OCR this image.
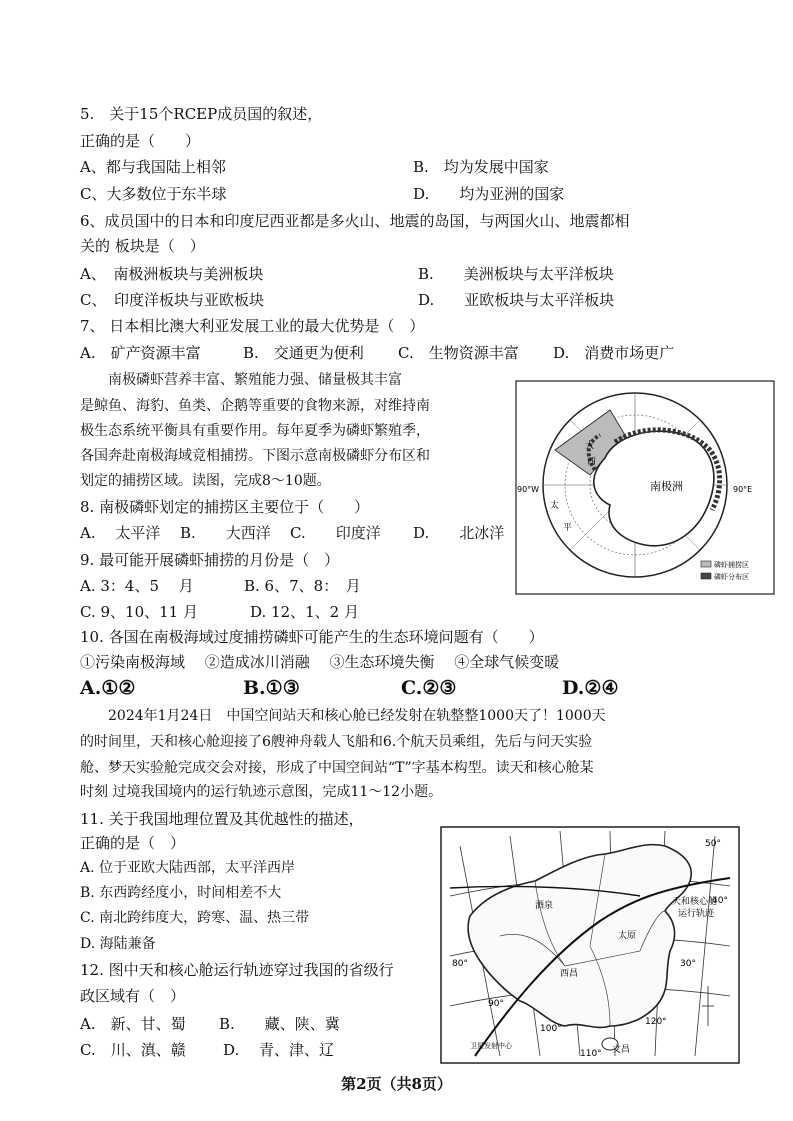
5.　关于15个RCEP成员国的叙述，
正确的是（　　）
A、都与我国陆上相邻	B.　均为发展中国家
C、大多数位于东半球	D.　　均为亚洲的国家
6、成员国中的日本和印度尼西亚都是多火山、地震的岛国，与两国火山、地震都相
关的 板块是（　）
A、　南极洲板块与美洲板块	B.　　美洲板块与太平洋板块
C、　印度洋板块与亚欧板块	D.　　亚欧板块与太平洋板块
7、 日本相比澳大利亚发展工业的最大优势是（　）
A.　矿产资源丰富	B.　交通更为便利 C.　生物资源丰富 D.　消费市场更广
　　南极磷虾营养丰富、繁殖能力强、储量极其丰富
是鲸鱼、海豹、鱼类、企鹅等重要的食物来源，对维持南
极生态系统平衡具有重要作用。每年夏季为磷虾繁殖季，
各国奔赴南极海域竞相捕捞。下图示意南极磷虾分布区和
划定的捕捞区域。读图，完成8～10题。	南极洲
90°W	90°E
大
西
太
平
磷虾捕捞区
磷虾分布区
8. 南极磷虾划定的捕捞区主要位于（　　）
A.　 太平洋 B.　　大西洋 C.　　印度洋 D.　　北冰洋
9. 最可能开展磷虾捕捞的月份是（　）
A. 3：4、5　 月	B. 6、7、8：　月
C. 9、10、11 月	D. 12、1、2 月
10. 各国在南极海域过度捕捞磷虾可能产生的生态环境问题有（　　）
①污染南极海域　 ②造成冰川消融　 ③生态环境失衡　 ④全球气候变暖
A.①②	B.①③	C.②③	D.②④
　　2024年1月24日　中国空间站天和核心舱已经发射在轨整整1000天了！1000天
的时间里，天和核心舱迎接了6艘神舟载人飞船和6.个航天员乘组，先后与问天实验
舱、梦天实验舱完成交会对接，形成了中国空间站“T”字基本构型。读天和核心舱某
时刻 过境我国境内的运行轨迹示意图，完成11～12小题。
11. 关于我国地理位置及其优越性的描述，
正确的是（　）
A. 位于亚欧大陆西部，太平洋西岸
B. 东西跨经度小，时间相差不大
C. 南北跨纬度大，跨寒、温、热三带
D. 海陆兼备
12. 图中天和核心舱运行轨迹穿过我国的省级行
政区域有（　）
A.　新、甘、蜀 B.　　藏、陕、冀
C.　川、滇、赣 D.　 青、津、辽
天和核心舱
运行轨迹
50°
40°
30°
80°
90°
100°
110°
120°
西昌
文昌
酒泉
太原
卫星发射中心
第2页（共8页）
